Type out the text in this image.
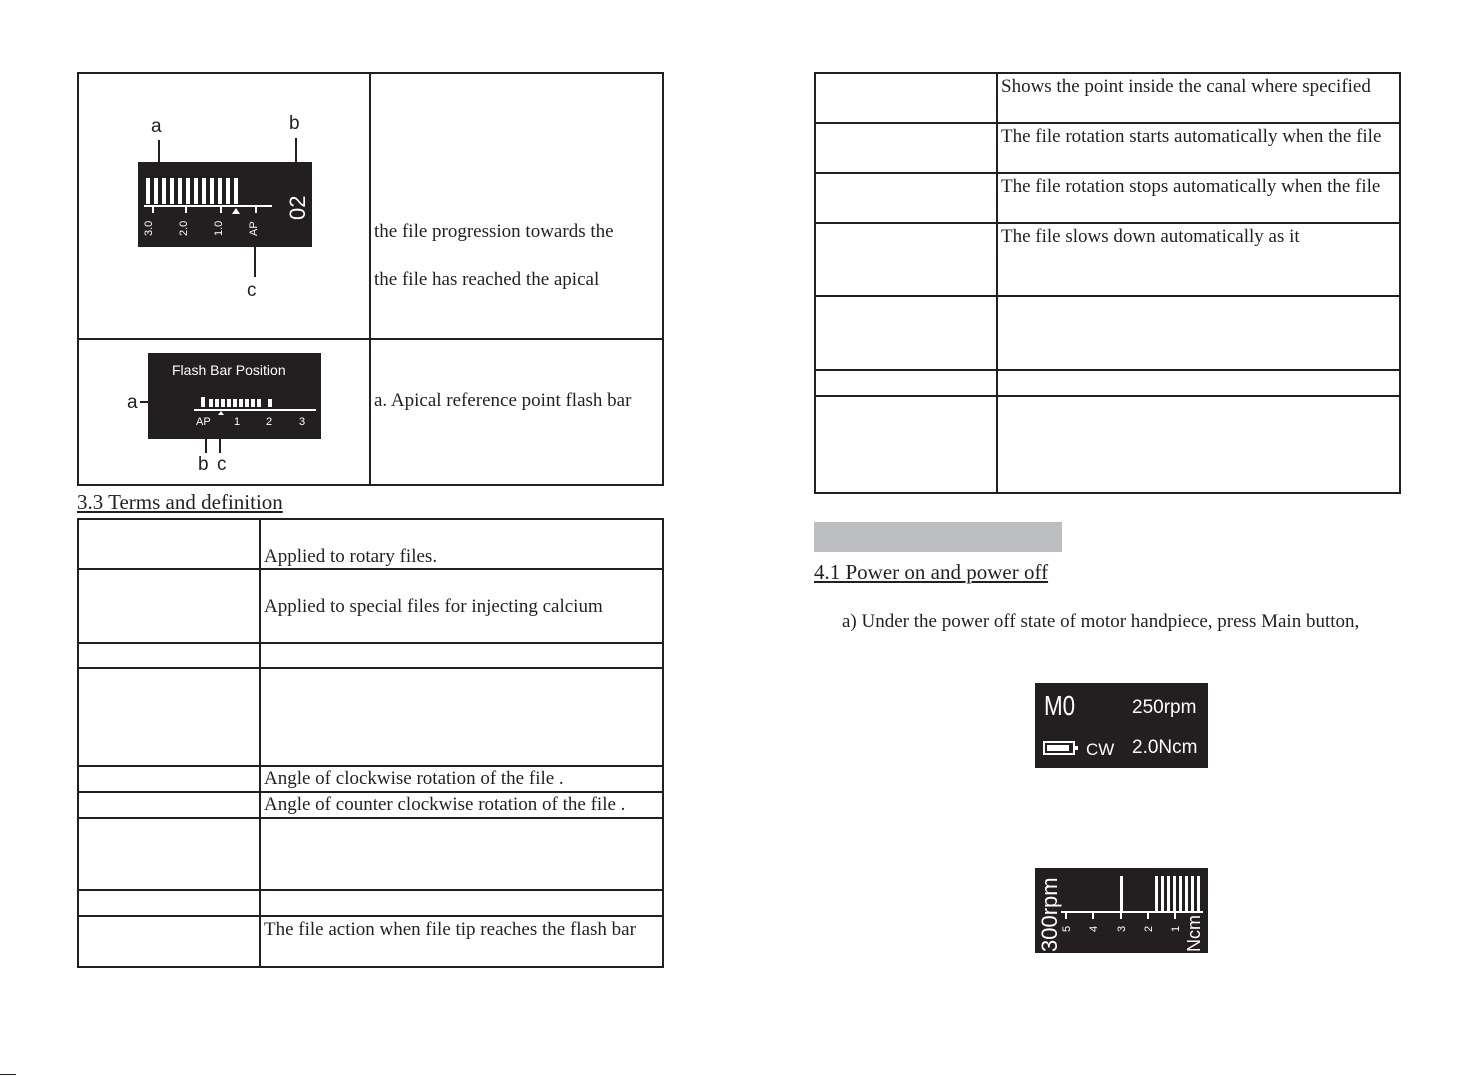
a	b
3.0 2.0 1.0 AP
02
c
the file progression towards the
the file has reached the apical
Flash Bar Position
AP 1 2 3
a
b c
a. Apical reference point flash bar
3.3 Terms and definition
Applied to rotary files.
Applied to special files for injecting calcium
Angle of clockwise rotation of the file .
Angle of counter clockwise rotation of the file .
The file action when file tip reaches the flash bar
Shows the point inside the canal where specified
The file rotation starts automatically when the file
The file rotation stops automatically when the file
The file slows down automatically as it
4.1 Power on and power off
a) Under the power off state of motor handpiece, press Main button,
M0	250rpm
CW 2.0Ncm
300rpm 5 4 3 2 1 Ncm
